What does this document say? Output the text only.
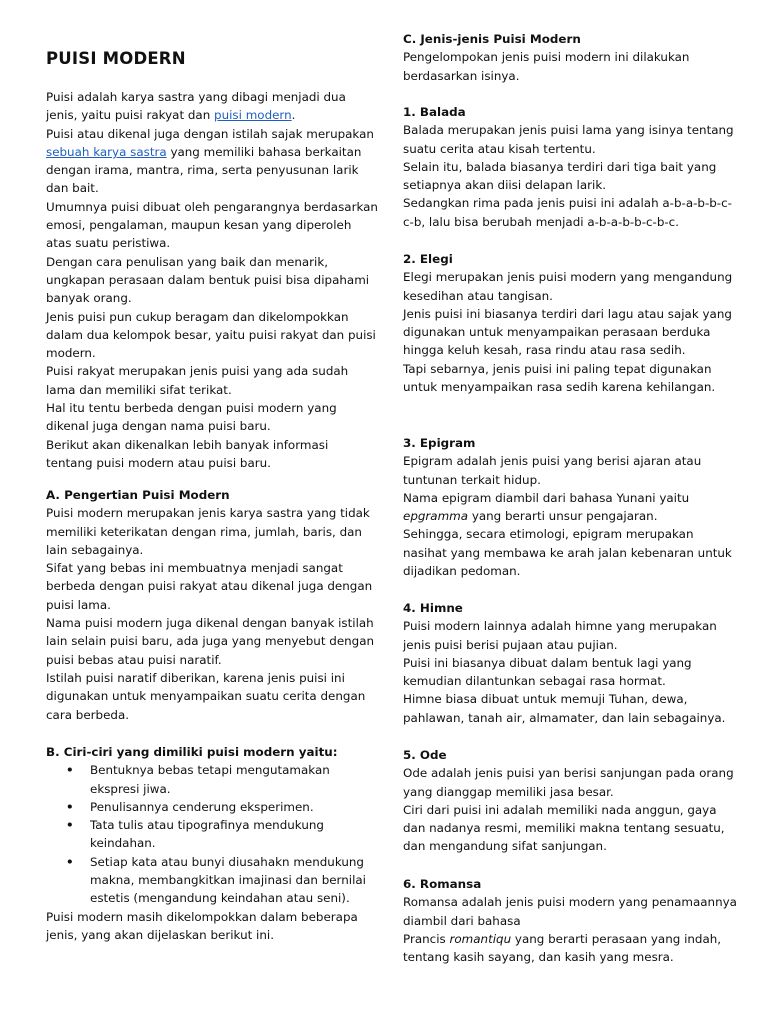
PUISI MODERN

Puisi adalah karya sastra yang dibagi menjadi dua jenis, yaitu puisi rakyat dan puisi modern.

Puisi atau dikenal juga dengan istilah sajak merupakan sebuah karya sastra yang memiliki bahasa berkaitan dengan irama, mantra, rima, serta penyusunan larik dan bait.

Umumnya puisi dibuat oleh pengarangnya berdasarkan emosi, pengalaman, maupun kesan yang diperoleh atas suatu peristiwa.

Dengan cara penulisan yang baik dan menarik, ungkapan perasaan dalam bentuk puisi bisa dipahami banyak orang.

Jenis puisi pun cukup beragam dan dikelompokkan dalam dua kelompok besar, yaitu puisi rakyat dan puisi modern.

Puisi rakyat merupakan jenis puisi yang ada sudah lama dan memiliki sifat terikat.

Hal itu tentu berbeda dengan puisi modern yang dikenal juga dengan nama puisi baru.

Berikut akan dikenalkan lebih banyak informasi tentang puisi modern atau puisi baru.

A. Pengertian Puisi Modern

Puisi modern merupakan jenis karya sastra yang tidak memiliki keterikatan dengan rima, jumlah, baris, dan lain sebagainya.

Sifat yang bebas ini membuatnya menjadi sangat berbeda dengan puisi rakyat atau dikenal juga dengan puisi lama.

Nama puisi modern juga dikenal dengan banyak istilah lain selain puisi baru, ada juga yang menyebut dengan puisi bebas atau puisi naratif.

Istilah puisi naratif diberikan, karena jenis puisi ini digunakan untuk menyampaikan suatu cerita dengan cara berbeda.

B. Ciri-ciri yang dimiliki puisi modern yaitu:

• Bentuknya bebas tetapi mengutamakan ekspresi jiwa.
• Penulisannya cenderung eksperimen.
• Tata tulis atau tipografinya mendukung keindahan.
• Setiap kata atau bunyi diusahakn mendukung makna, membangkitkan imajinasi dan bernilai estetis (mengandung keindahan atau seni).

Puisi modern masih dikelompokkan dalam beberapa jenis, yang akan dijelaskan berikut ini.

C. Jenis-jenis Puisi Modern

Pengelompokan jenis puisi modern ini dilakukan berdasarkan isinya.

1. Balada

Balada merupakan jenis puisi lama yang isinya tentang suatu cerita atau kisah tertentu.

Selain itu, balada biasanya terdiri dari tiga bait yang setiapnya akan diisi delapan larik.

Sedangkan rima pada jenis puisi ini adalah a-b-a-b-b-c-c-b, lalu bisa berubah menjadi a-b-a-b-b-c-b-c.

2. Elegi

Elegi merupakan jenis puisi modern yang mengandung kesedihan atau tangisan.

Jenis puisi ini biasanya terdiri dari lagu atau sajak yang digunakan untuk menyampaikan perasaan berduka hingga keluh kesah, rasa rindu atau rasa sedih.

Tapi sebarnya, jenis puisi ini paling tepat digunakan untuk menyampaikan rasa sedih karena kehilangan.

3. Epigram

Epigram adalah jenis puisi yang berisi ajaran atau tuntunan terkait hidup.

Nama epigram diambil dari bahasa Yunani yaitu epgramma yang berarti unsur pengajaran.

Sehingga, secara etimologi, epigram merupakan nasihat yang membawa ke arah jalan kebenaran untuk dijadikan pedoman.

4. Himne

Puisi modern lainnya adalah himne yang merupakan jenis puisi berisi pujaan atau pujian.

Puisi ini biasanya dibuat dalam bentuk lagi yang kemudian dilantunkan sebagai rasa hormat.

Himne biasa dibuat untuk memuji Tuhan, dewa, pahlawan, tanah air, almamater, dan lain sebagainya.

5. Ode

Ode adalah jenis puisi yan berisi sanjungan pada orang yang dianggap memiliki jasa besar.

Ciri dari puisi ini adalah memiliki nada anggun, gaya dan nadanya resmi, memiliki makna tentang sesuatu, dan mengandung sifat sanjungan.

6. Romansa

Romansa adalah jenis puisi modern yang penamaannya diambil dari bahasa

Prancis romantiqu yang berarti perasaan yang indah, tentang kasih sayang, dan kasih yang mesra.
